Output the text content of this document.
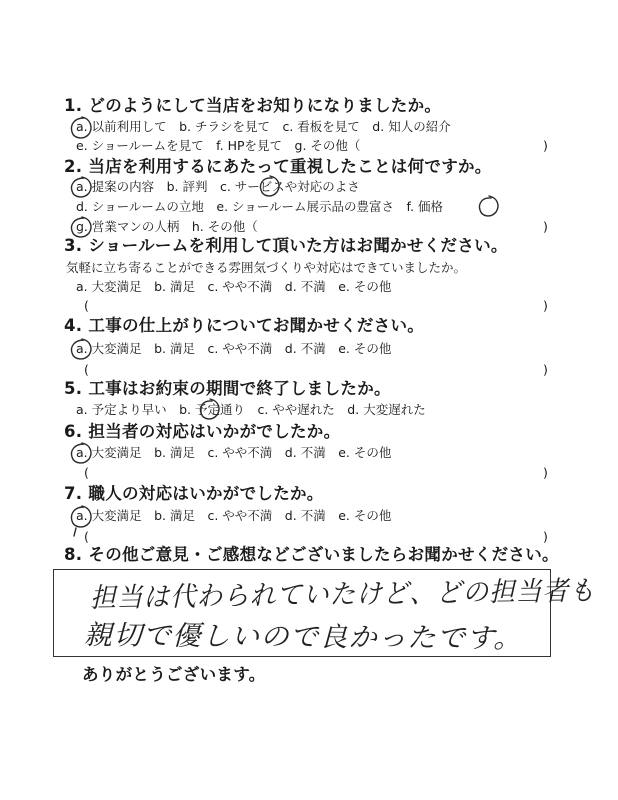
1. どのようにして当店をお知りになりましたか。
a. 以前利用して　b. チラシを見て　c. 看板を見て　d. 知人の紹介
e. ショールームを見て　f. HPを見て　g. その他（	)
2. 当店を利用するにあたって重視したことは何ですか。
a. 提案の内容　b. 評判　c. サービスや対応のよさ
d. ショールームの立地　e. ショールーム展示品の豊富さ　f. 価格
g. 営業マンの人柄　h. その他（	)
3. ショールームを利用して頂いた方はお聞かせください。
気軽に立ち寄ることができる雰囲気づくりや対応はできていましたか。
a. 大変満足　b. 満足　c. やや不満　d. 不満　e. その他
(	)
4. 工事の仕上がりについてお聞かせください。
a. 大変満足　b. 満足　c. やや不満　d. 不満　e. その他
(	)
5. 工事はお約束の期間で終了しましたか。
a. 予定より早い　b. 予定通り　c. やや遅れた　d. 大変遅れた
6. 担当者の対応はいかがでしたか。
a. 大変満足　b. 満足　c. やや不満　d. 不満　e. その他
(	)
7. 職人の対応はいかがでしたか。
a. 大変満足　b. 満足　c. やや不満　d. 不満　e. その他
(	)
8. その他ご意見・ご感想などございましたらお聞かせください。
担当は代わられていたけど、どの担当者も
親切で優しいので良かったです。
ありがとうございます。
